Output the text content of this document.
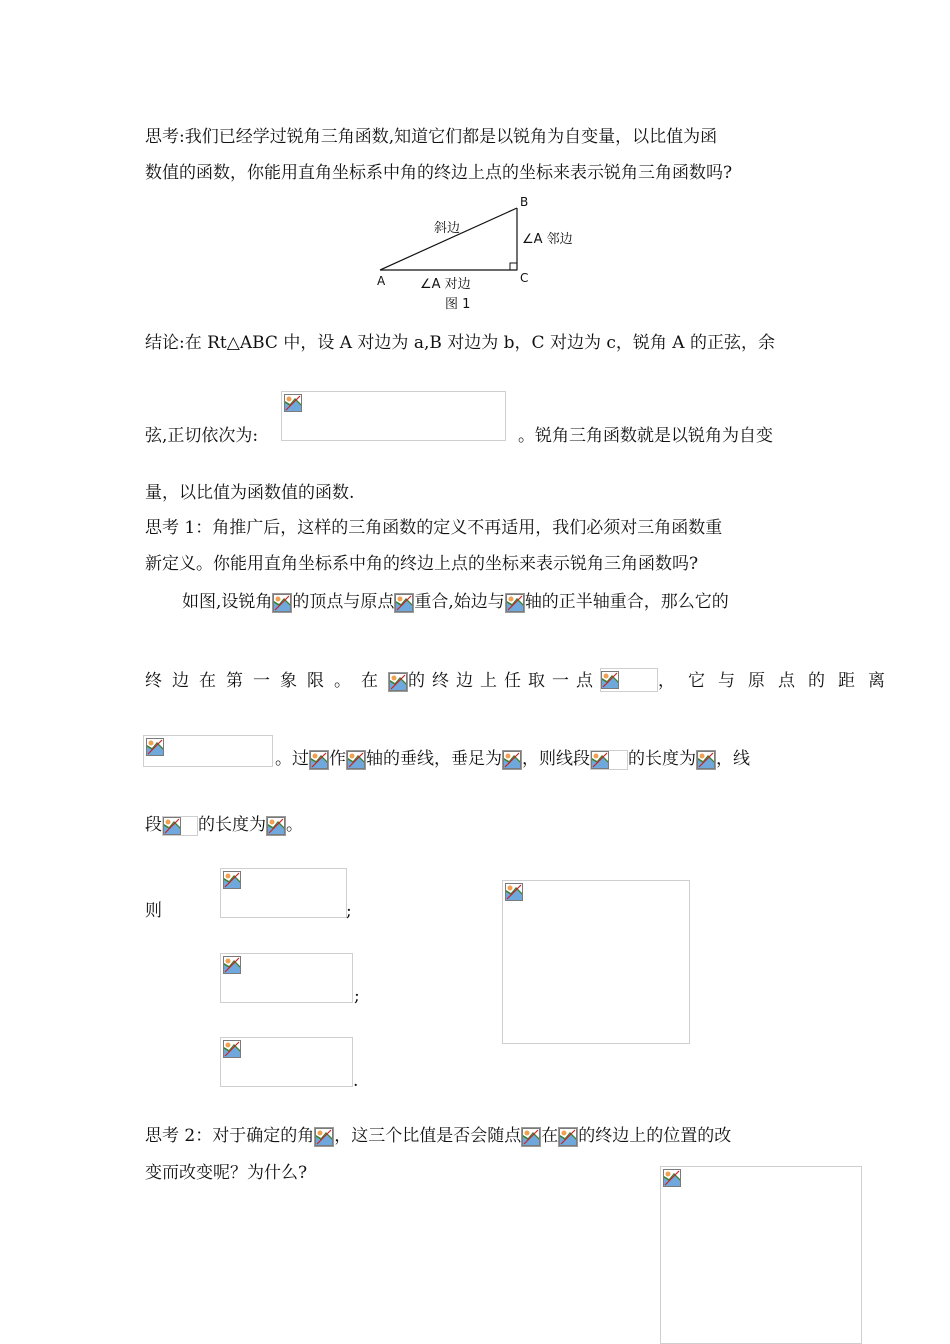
思考:我们已经学过锐角三角函数,知道它们都是以锐角为自变量，以比值为函
数值的函数，你能用直角坐标系中角的终边上点的坐标来表示锐角三角函数吗?
B
A	C
斜边
∠A 邻边
∠A 对边
图 1
结论:在 Rt△ABC 中，设 A 对边为 a,B 对边为 b，C 对边为 c，锐角 A 的正弦，余
弦,正切依次为:	。锐角三角函数就是以锐角为自变
量，以比值为函数值的函数.
思考 1：角推广后，这样的三角函数的定义不再适用，我们必须对三角函数重
新定义。你能用直角坐标系中角的终边上点的坐标来表示锐角三角函数吗?
如图,设锐角 的顶点与原点 重合,始边与 轴的正半轴重合，那么它的
终边在第一象限。在 的终边上任取一点	，它与原点的距离
。过 作 轴的垂线，垂足为 ，则线段 的长度为 ，线
段 的长度为 。
则	;
;
.
思考 2：对于确定的角 ，这三个比值是否会随点 在 的终边上的位置的改
变而改变呢？为什么?
